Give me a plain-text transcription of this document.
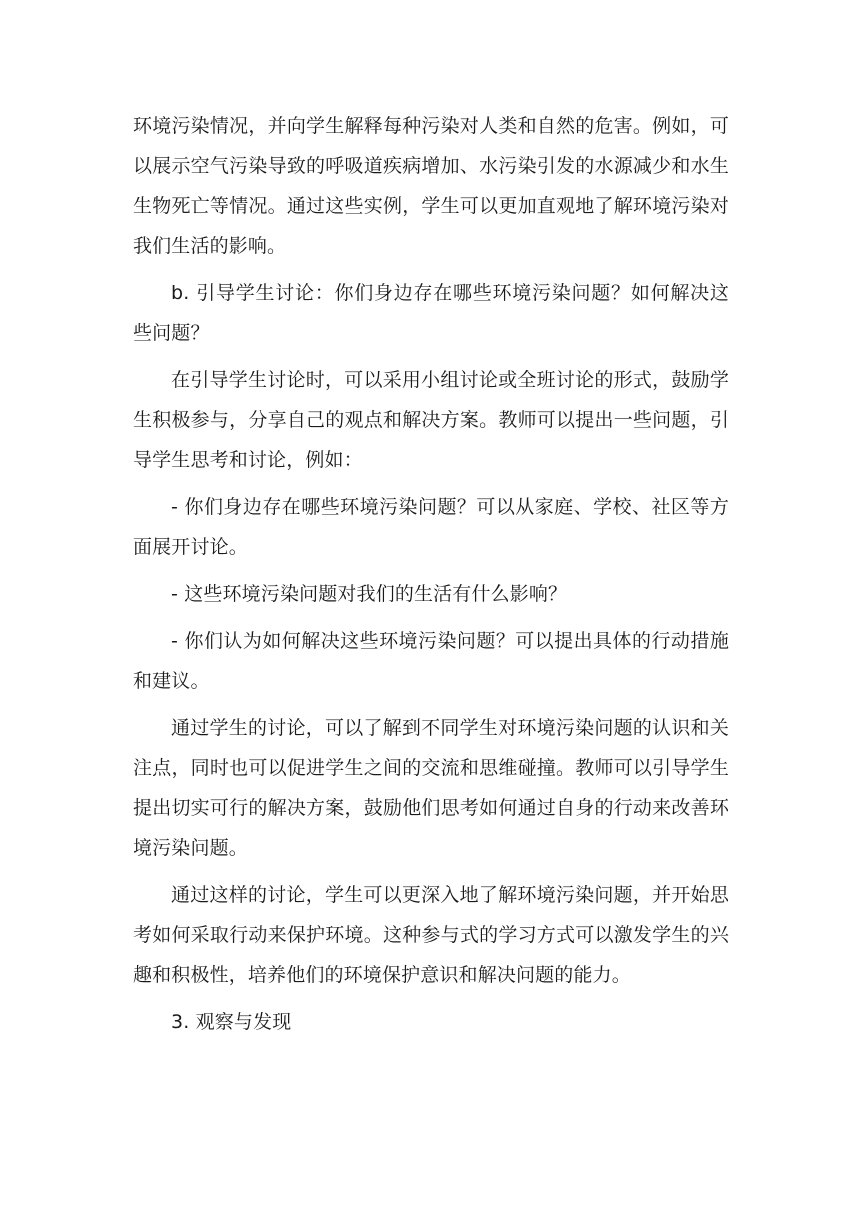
环境污染情况，并向学生解释每种污染对人类和自然的危害。例如，可以展示空气污染导致的呼吸道疾病增加、水污染引发的水源减少和水生生物死亡等情况。通过这些实例，学生可以更加直观地了解环境污染对我们生活的影响。

b. 引导学生讨论：你们身边存在哪些环境污染问题？如何解决这些问题？

在引导学生讨论时，可以采用小组讨论或全班讨论的形式，鼓励学生积极参与，分享自己的观点和解决方案。教师可以提出一些问题，引导学生思考和讨论，例如：

- 你们身边存在哪些环境污染问题？可以从家庭、学校、社区等方面展开讨论。

- 这些环境污染问题对我们的生活有什么影响？

- 你们认为如何解决这些环境污染问题？可以提出具体的行动措施和建议。

通过学生的讨论，可以了解到不同学生对环境污染问题的认识和关注点，同时也可以促进学生之间的交流和思维碰撞。教师可以引导学生提出切实可行的解决方案，鼓励他们思考如何通过自身的行动来改善环境污染问题。

通过这样的讨论，学生可以更深入地了解环境污染问题，并开始思考如何采取行动来保护环境。这种参与式的学习方式可以激发学生的兴趣和积极性，培养他们的环境保护意识和解决问题的能力。

3. 观察与发现
